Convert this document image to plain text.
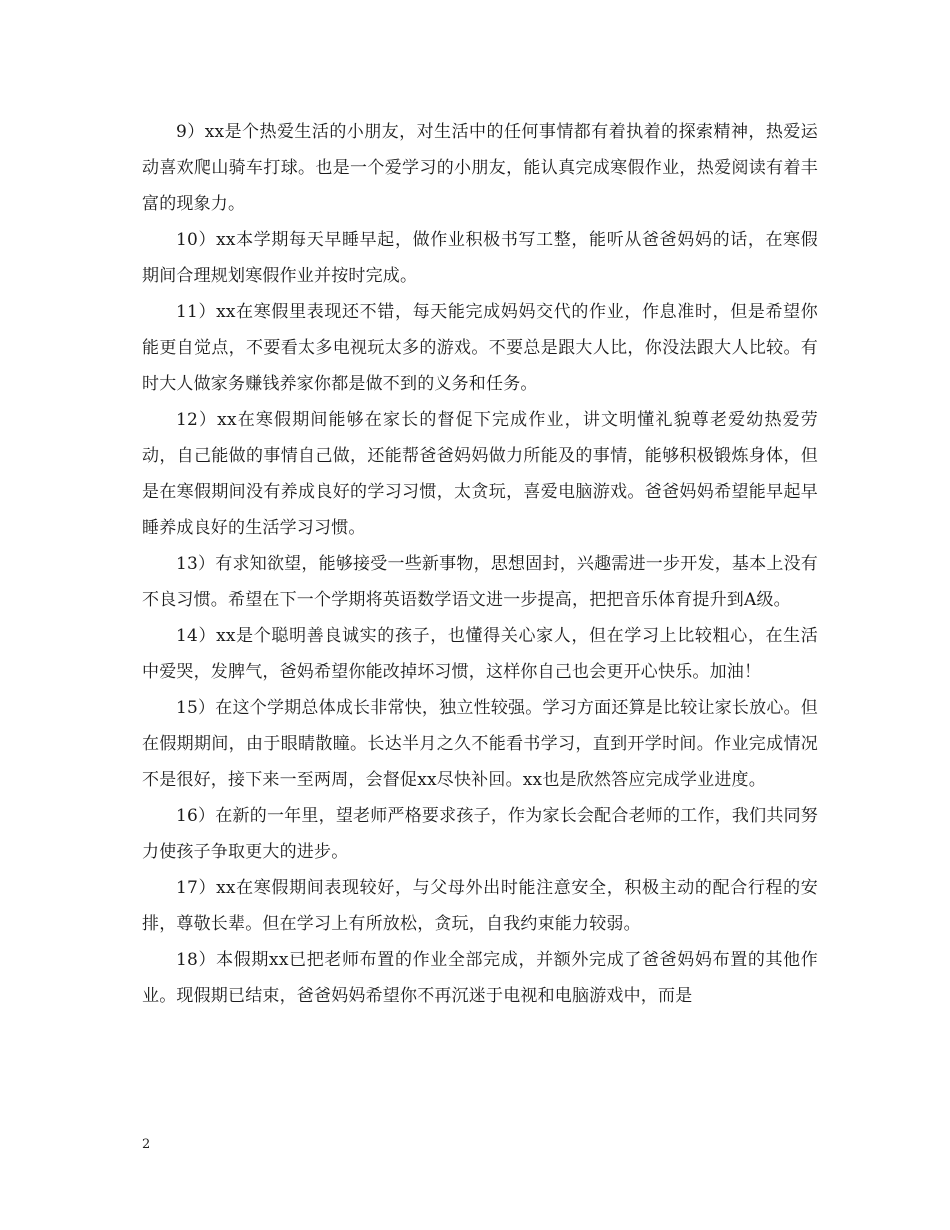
9）xx是个热爱生活的小朋友，对生活中的任何事情都有着执着的探索精神，热爱运动喜欢爬山骑车打球。也是一个爱学习的小朋友，能认真完成寒假作业，热爱阅读有着丰富的现象力。

10）xx本学期每天早睡早起，做作业积极书写工整，能听从爸爸妈妈的话，在寒假期间合理规划寒假作业并按时完成。

11）xx在寒假里表现还不错，每天能完成妈妈交代的作业，作息准时，但是希望你能更自觉点，不要看太多电视玩太多的游戏。不要总是跟大人比，你没法跟大人比较。有时大人做家务赚钱养家你都是做不到的义务和任务。

12）xx在寒假期间能够在家长的督促下完成作业，讲文明懂礼貌尊老爱幼热爱劳动，自己能做的事情自己做，还能帮爸爸妈妈做力所能及的事情，能够积极锻炼身体，但是在寒假期间没有养成良好的学习习惯，太贪玩，喜爱电脑游戏。爸爸妈妈希望能早起早睡养成良好的生活学习习惯。

13）有求知欲望，能够接受一些新事物，思想固封，兴趣需进一步开发，基本上没有不良习惯。希望在下一个学期将英语数学语文进一步提高，把把音乐体育提升到A级。

14）xx是个聪明善良诚实的孩子，也懂得关心家人，但在学习上比较粗心，在生活中爱哭，发脾气，爸妈希望你能改掉坏习惯，这样你自己也会更开心快乐。加油！

15）在这个学期总体成长非常快，独立性较强。学习方面还算是比较让家长放心。但在假期期间，由于眼睛散瞳。长达半月之久不能看书学习，直到开学时间。作业完成情况不是很好，接下来一至两周，会督促xx尽快补回。xx也是欣然答应完成学业进度。

16）在新的一年里，望老师严格要求孩子，作为家长会配合老师的工作，我们共同努力使孩子争取更大的进步。

17）xx在寒假期间表现较好，与父母外出时能注意安全，积极主动的配合行程的安排，尊敬长辈。但在学习上有所放松，贪玩，自我约束能力较弱。

18）本假期xx已把老师布置的作业全部完成，并额外完成了爸爸妈妈布置的其他作业。现假期已结束，爸爸妈妈希望你不再沉迷于电视和电脑游戏中，而是

2
